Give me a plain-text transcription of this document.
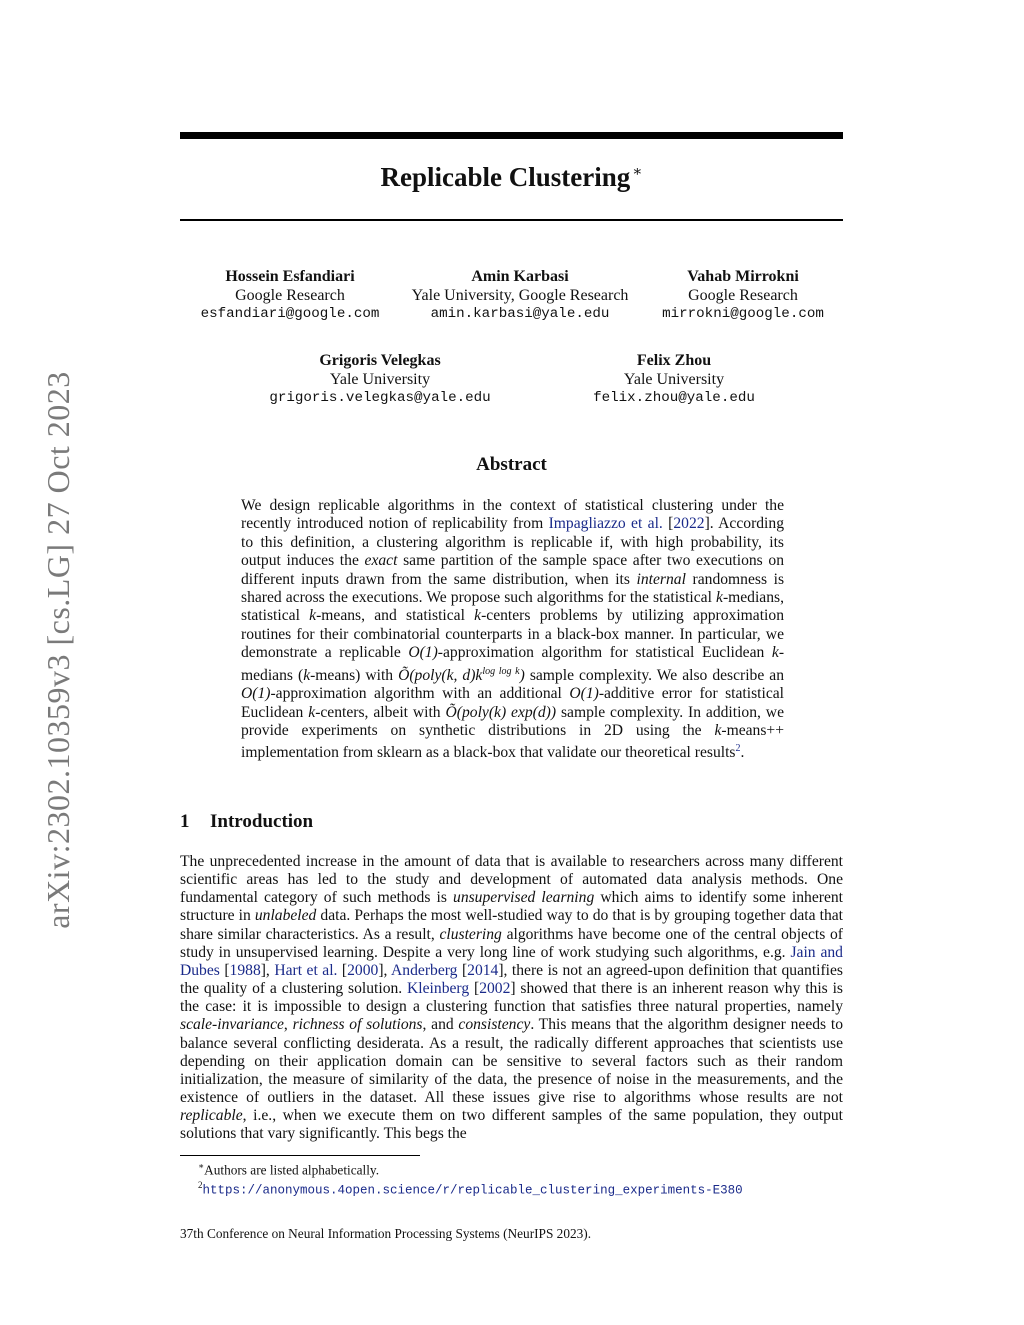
arXiv:2302.10359v3 [cs.LG] 27 Oct 2023
Replicable Clustering ∗
Hossein Esfandiari
Google Research
esfandiari@google.com
Amin Karbasi
Yale University, Google Research
amin.karbasi@yale.edu
Vahab Mirrokni
Google Research
mirrokni@google.com
Grigoris Velegkas
Yale University
grigoris.velegkas@yale.edu
Felix Zhou
Yale University
felix.zhou@yale.edu
Abstract
We design replicable algorithms in the context of statistical clustering under the recently introduced notion of replicability from Impagliazzo et al. [2022]. According to this definition, a clustering algorithm is replicable if, with high probability, its output induces the exact same partition of the sample space after two executions on different inputs drawn from the same distribution, when its internal randomness is shared across the executions. We propose such algorithms for the statistical k-medians, statistical k-means, and statistical k-centers problems by utilizing approximation routines for their combinatorial counterparts in a black-box manner. In particular, we demonstrate a replicable O(1)-approximation algorithm for statistical Euclidean k-medians (k-means) with Õ(poly(k, $d)k^{log log k}$) sample complexity. We also describe an O(1)-approximation algorithm with an additional O(1)-additive error for statistical Euclidean k-centers, albeit with Õ(poly(k) exp(d)) sample complexity. In addition, we provide experiments on synthetic distributions in 2D using the k-means++ implementation from sklearn as a black-box that validate our theoretical results$^2$.
1 Introduction
The unprecedented increase in the amount of data that is available to researchers across many different scientific areas has led to the study and development of automated data analysis methods. One fundamental category of such methods is unsupervised learning which aims to identify some inherent structure in unlabeled data. Perhaps the most well-studied way to do that is by grouping together data that share similar characteristics. As a result, clustering algorithms have become one of the central objects of study in unsupervised learning. Despite a very long line of work studying such algorithms, e.g. Jain and Dubes [1988], Hart et al. [2000], Anderberg [2014], there is not an agreed-upon definition that quantifies the quality of a clustering solution. Kleinberg [2002] showed that there is an inherent reason why this is the case: it is impossible to design a clustering function that satisfies three natural properties, namely scale-invariance, richness of solutions, and consistency. This means that the algorithm designer needs to balance several conflicting desiderata. As a result, the radically different approaches that scientists use depending on their application domain can be sensitive to several factors such as their random initialization, the measure of similarity of the data, the presence of noise in the measurements, and the existence of outliers in the dataset. All these issues give rise to algorithms whose results are not replicable, i.e., when we execute them on two different samples of the same population, they output solutions that vary significantly. This begs the
∗Authors are listed alphabetically.
$^2$https://anonymous.4open.science/r/replicable_clustering_experiments-E380
37th Conference on Neural Information Processing Systems (NeurIPS 2023).
